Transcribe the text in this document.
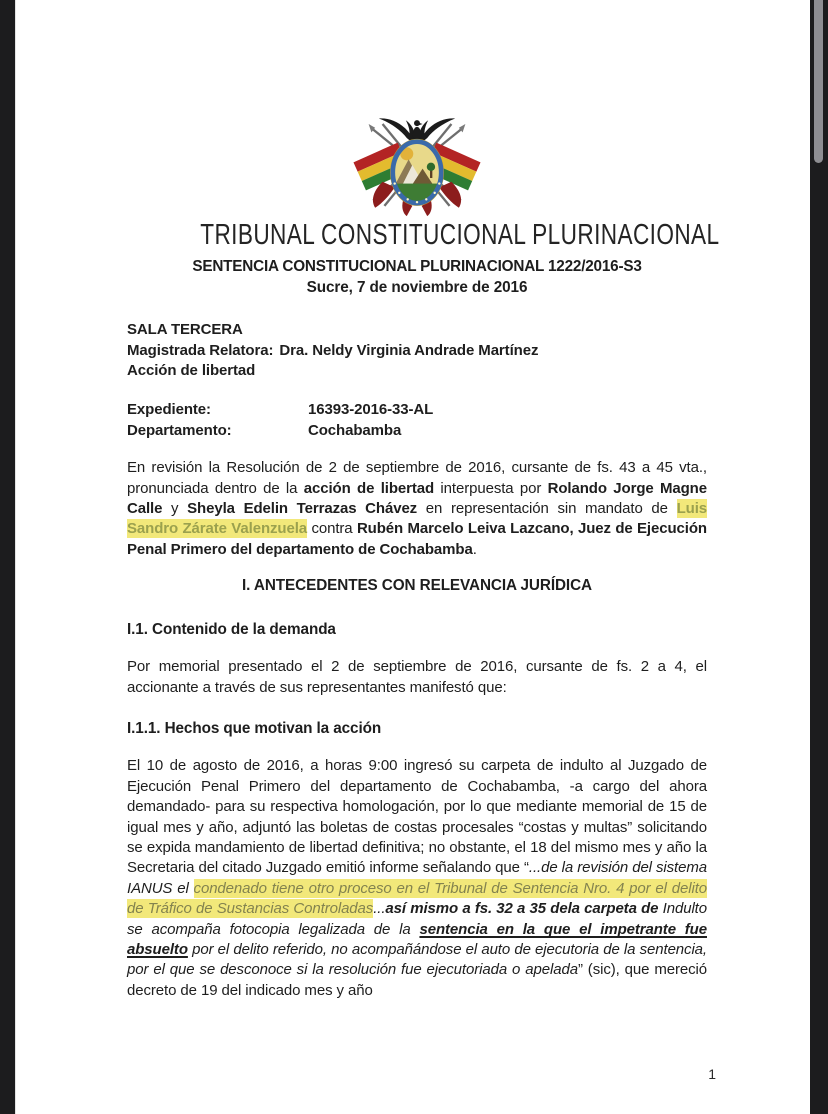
TRIBUNAL CONSTITUCIONAL PLURINACIONAL
SENTENCIA CONSTITUCIONAL PLURINACIONAL 1222/2016-S3
Sucre, 7 de noviembre de 2016
SALA TERCERA
Magistrada Relatora: Dra. Neldy Virginia Andrade Martínez
Acción de libertad
Expediente:	16393-2016-33-AL
Departamento:	Cochabamba

En revisión la Resolución de 2 de septiembre de 2016, cursante de fs. 43 a 45 vta., pronunciada dentro de la acción de libertad interpuesta por Rolando Jorge Magne Calle y Sheyla Edelin Terrazas Chávez en representación sin mandato de Luis Sandro Zárate Valenzuela contra Rubén Marcelo Leiva Lazcano, Juez de Ejecución Penal Primero del departamento de Cochabamba.

I. ANTECEDENTES CON RELEVANCIA JURÍDICA
I.1. Contenido de la demanda

Por memorial presentado el 2 de septiembre de 2016, cursante de fs. 2 a 4, el accionante a través de sus representantes manifestó que:

I.1.1. Hechos que motivan la acción

El 10 de agosto de 2016, a horas 9:00 ingresó su carpeta de indulto al Juzgado de Ejecución Penal Primero del departamento de Cochabamba, -a cargo del ahora demandado- para su respectiva homologación, por lo que mediante memorial de 15 de igual mes y año, adjuntó las boletas de costas procesales “costas y multas” solicitando se expida mandamiento de libertad definitiva; no obstante, el 18 del mismo mes y año la Secretaria del citado Juzgado emitió informe señalando que “...de la revisión del sistema IANUS el condenado tiene otro proceso en el Tribunal de Sentencia Nro. 4 por el delito de Tráfico de Sustancias Controladas...así mismo a fs. 32 a 35 dela carpeta de Indulto se acompaña fotocopia legalizada de la sentencia en la que el impetrante fue absuelto por el delito referido, no acompañándose el auto de ejecutoria de la sentencia, por el que se desconoce si la resolución fue ejecutoriada o apelada” (sic), que mereció decreto de 19 del indicado mes y año

1
